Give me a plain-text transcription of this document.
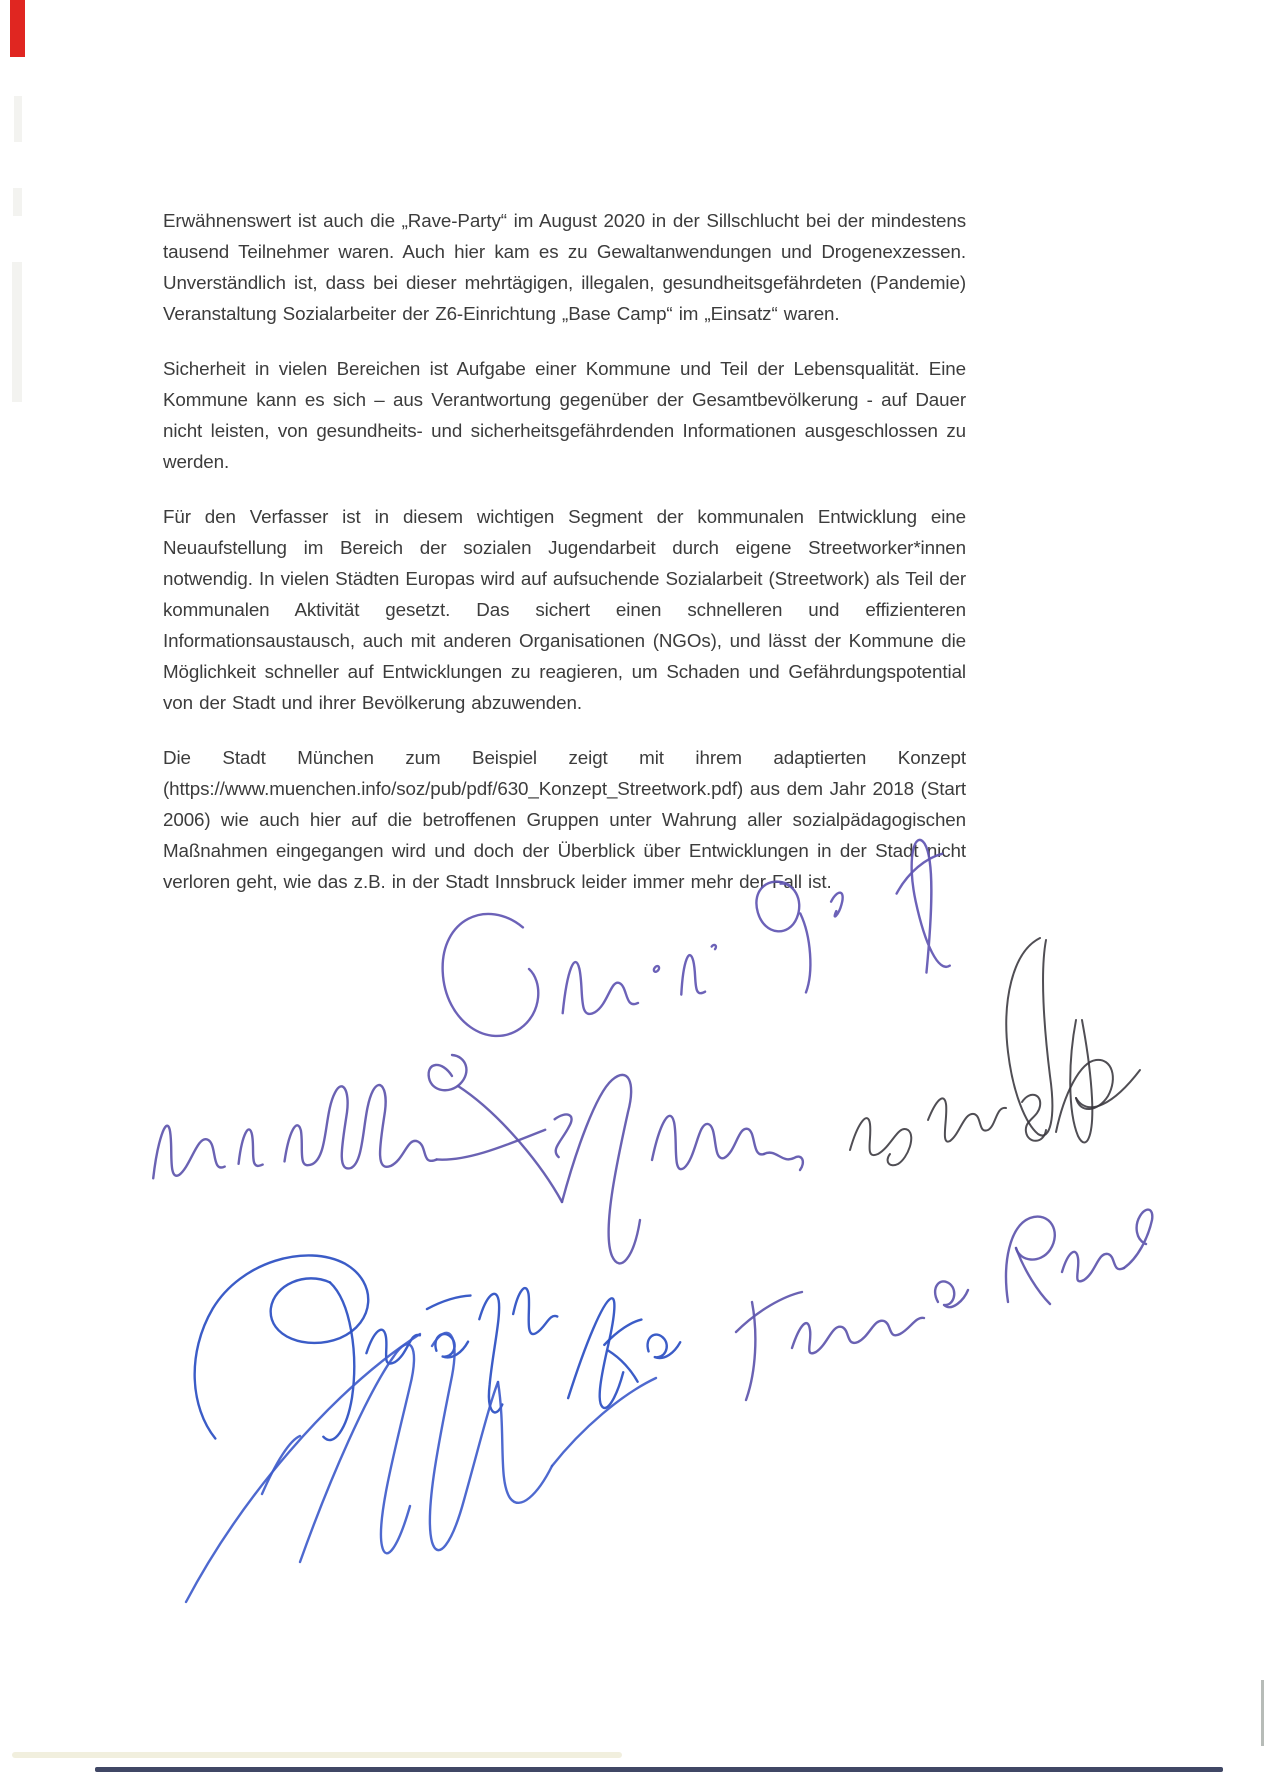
Erwähnenswert ist auch die „Rave-Party“ im August 2020 in der Sillschlucht bei der mindestens tausend Teilnehmer waren. Auch hier kam es zu Gewaltanwendungen und Drogenexzessen. Unverständlich ist, dass bei dieser mehrtägigen, illegalen, gesundheitsgefährdeten (Pandemie) Veranstaltung Sozialarbeiter der Z6-Einrichtung „Base Camp“ im „Einsatz“ waren.

Sicherheit in vielen Bereichen ist Aufgabe einer Kommune und Teil der Lebensqualität. Eine Kommune kann es sich – aus Verantwortung gegenüber der Gesamtbevölkerung - auf Dauer nicht leisten, von gesundheits- und sicherheitsgefährdenden Informationen ausgeschlossen zu werden.

Für den Verfasser ist in diesem wichtigen Segment der kommunalen Entwicklung eine Neuaufstellung im Bereich der sozialen Jugendarbeit durch eigene Streetworker*innen notwendig. In vielen Städten Europas wird auf aufsuchende Sozialarbeit (Streetwork) als Teil der kommunalen Aktivität gesetzt. Das sichert einen schnelleren und effizienteren Informationsaustausch, auch mit anderen Organisationen (NGOs), und lässt der Kommune die Möglichkeit schneller auf Entwicklungen zu reagieren, um Schaden und Gefährdungspotential von der Stadt und ihrer Bevölkerung abzuwenden.

Die Stadt München zum Beispiel zeigt mit ihrem adaptierten Konzept (https://www.muenchen.info/soz/pub/pdf/630_Konzept_Streetwork.pdf) aus dem Jahr 2018 (Start 2006) wie auch hier auf die betroffenen Gruppen unter Wahrung aller sozialpädagogischen Maßnahmen eingegangen wird und doch der Überblick über Entwicklungen in der Stadt nicht verloren geht, wie das z.B. in der Stadt Innsbruck leider immer mehr der Fall ist.
